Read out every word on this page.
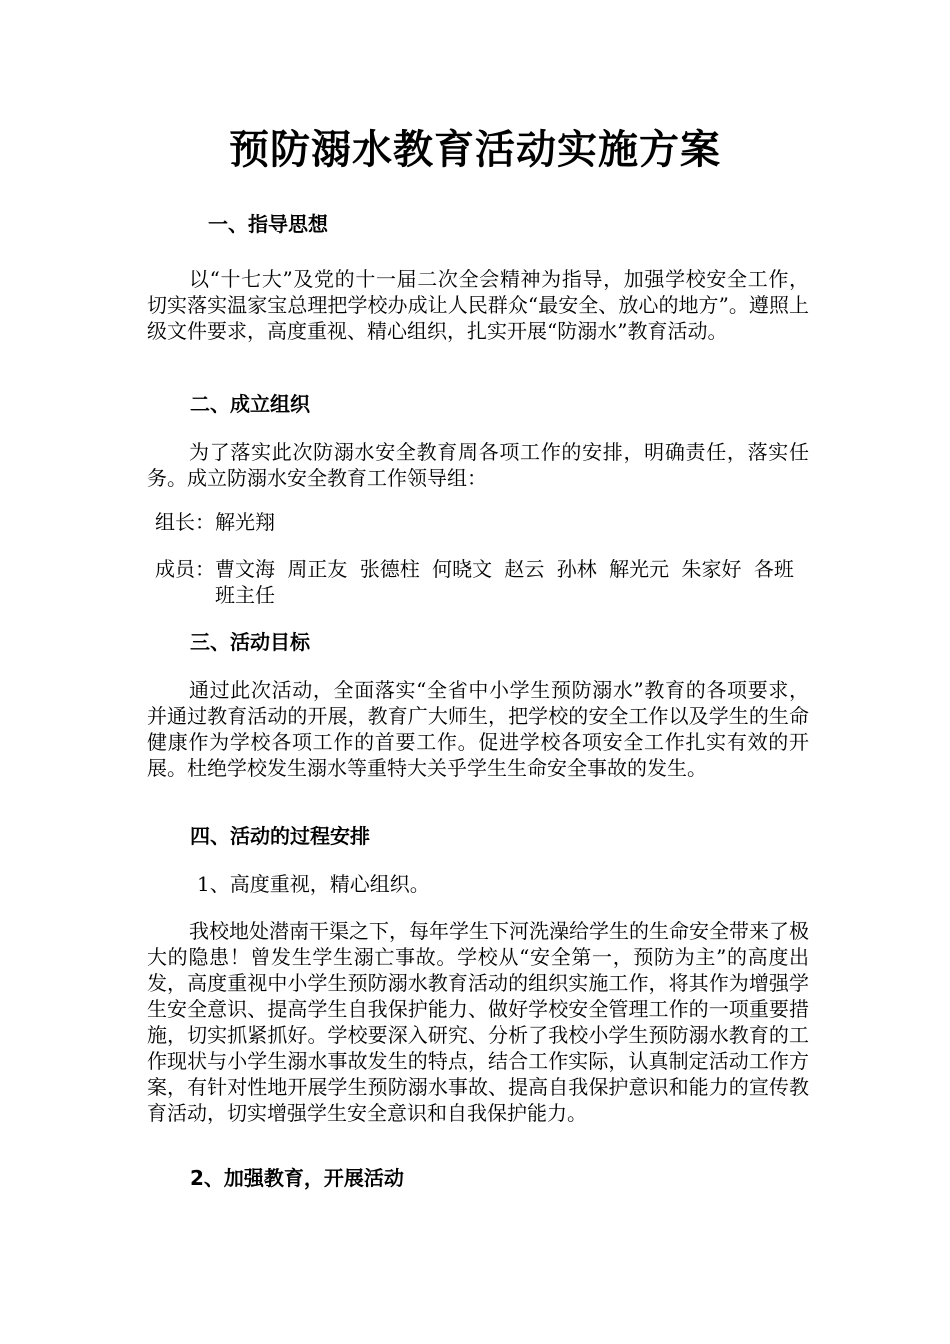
预防溺水教育活动实施方案
一、指导思想

以“十七大”及党的十一届二次全会精神为指导，加强学校安全工作，切实落实温家宝总理把学校办成让人民群众“最安全、放心的地方”。遵照上级文件要求，高度重视、精心组织，扎实开展“防溺水”教育活动。

二、成立组织

为了落实此次防溺水安全教育周各项工作的安排，明确责任，落实任务。成立防溺水安全教育工作领导组：

组长：解光翔
成员：曹文海 周正友 张德柱 何晓文 赵云 孙林 解光元 朱家好 各班班主任
三、活动目标

通过此次活动，全面落实“全省中小学生预防溺水”教育的各项要求，并通过教育活动的开展，教育广大师生，把学校的安全工作以及学生的生命健康作为学校各项工作的首要工作。促进学校各项安全工作扎实有效的开展。杜绝学校发生溺水等重特大关乎学生生命安全事故的发生。

四、活动的过程安排
1、高度重视，精心组织。

我校地处潜南干渠之下，每年学生下河洗澡给学生的生命安全带来了极大的隐患！曾发生学生溺亡事故。学校从“安全第一，预防为主”的高度出发，高度重视中小学生预防溺水教育活动的组织实施工作，将其作为增强学生安全意识、提高学生自我保护能力、做好学校安全管理工作的一项重要措施，切实抓紧抓好。学校要深入研究、分析了我校小学生预防溺水教育的工作现状与小学生溺水事故发生的特点，结合工作实际，认真制定活动工作方案，有针对性地开展学生预防溺水事故、提高自我保护意识和能力的宣传教育活动，切实增强学生安全意识和自我保护能力。

2、加强教育，开展活动
